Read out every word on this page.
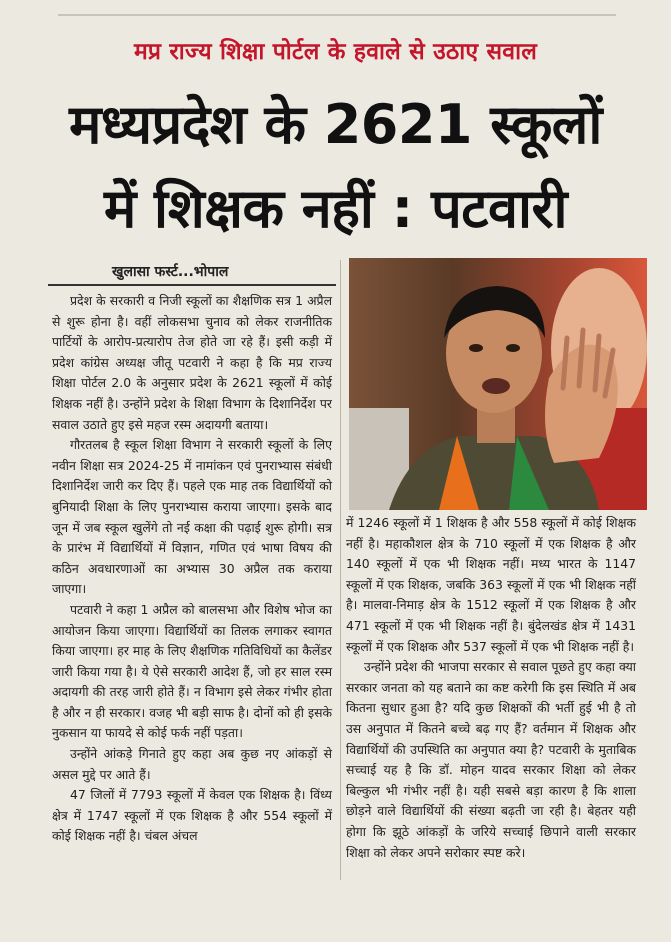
मप्र राज्य शिक्षा पोर्टल के हवाले से उठाए सवाल
मध्यप्रदेश के 2621 स्कूलों
में शिक्षक नहीं : पटवारी
खुलासा फर्स्ट...भोपाल

प्रदेश के सरकारी व निजी स्कूलों का शैक्षणिक सत्र 1 अप्रैल से शुरू होना है। वहीं लोकसभा चुनाव को लेकर राजनीतिक पार्टियों के आरोप-प्रत्यारोप तेज होते जा रहे हैं। इसी कड़ी में प्रदेश कांग्रेस अध्यक्ष जीतू पटवारी ने कहा है कि मप्र राज्य शिक्षा पोर्टल 2.0 के अनुसार प्रदेश के 2621 स्कूलों में कोई शिक्षक नहीं है। उन्होंने प्रदेश के शिक्षा विभाग के दिशानिर्देश पर सवाल उठाते हुए इसे महज रस्म अदायगी बताया।

गौरतलब है स्कूल शिक्षा विभाग ने सरकारी स्कूलों के लिए नवीन शिक्षा सत्र 2024-25 में नामांकन एवं पुनराभ्यास संबंधी दिशानिर्देश जारी कर दिए हैं। पहले एक माह तक विद्यार्थियों को बुनियादी शिक्षा के लिए पुनराभ्यास कराया जाएगा। इसके बाद जून में जब स्कूल खुलेंगे तो नई कक्षा की पढ़ाई शुरू होगी। सत्र के प्रारंभ में विद्यार्थियों में विज्ञान, गणित एवं भाषा विषय की कठिन अवधारणाओं का अभ्यास 30 अप्रैल तक कराया जाएगा।

पटवारी ने कहा 1 अप्रैल को बालसभा और विशेष भोज का आयोजन किया जाएगा। विद्यार्थियों का तिलक लगाकर स्वागत किया जाएगा। हर माह के लिए शैक्षणिक गतिविधियों का कैलेंडर जारी किया गया है। ये ऐसे सरकारी आदेश हैं, जो हर साल रस्म अदायगी की तरह जारी होते हैं। न विभाग इसे लेकर गंभीर होता है और न ही सरकार। वजह भी बड़ी साफ है। दोनों को ही इसके नुकसान या फायदे से कोई फर्क नहीं पड़ता।

उन्होंने आंकड़े गिनाते हुए कहा अब कुछ नए आंकड़ों से असल मुद्दे पर आते हैं।

47 जिलों में 7793 स्कूलों में केवल एक शिक्षक है। विंध्य क्षेत्र में 1747 स्कूलों में एक शिक्षक है और 554 स्कूलों में कोई शिक्षक नहीं है। चंबल अंचल

में 1246 स्कूलों में 1 शिक्षक है और 558 स्कूलों में कोई शिक्षक नहीं है। महाकौशल क्षेत्र के 710 स्कूलों में एक शिक्षक है और 140 स्कूलों में एक भी शिक्षक नहीं। मध्य भारत के 1147 स्कूलों में एक शिक्षक, जबकि 363 स्कूलों में एक भी शिक्षक नहीं है। मालवा-निमाड़ क्षेत्र के 1512 स्कूलों में एक शिक्षक है और 471 स्कूलों में एक भी शिक्षक नहीं है। बुंदेलखंड क्षेत्र में 1431 स्कूलों में एक शिक्षक और 537 स्कूलों में एक भी शिक्षक नहीं है।

उन्होंने प्रदेश की भाजपा सरकार से सवाल पूछते हुए कहा क्या सरकार जनता को यह बताने का कष्ट करेगी कि इस स्थिति में अब कितना सुधार हुआ है? यदि कुछ शिक्षकों की भर्ती हुई भी है तो उस अनुपात में कितने बच्चे बढ़ गए हैं? वर्तमान में शिक्षक और विद्यार्थियों की उपस्थिति का अनुपात क्या है? पटवारी के मुताबिक सच्चाई यह है कि डॉ. मोहन यादव सरकार शिक्षा को लेकर बिल्कुल भी गंभीर नहीं है। यही सबसे बड़ा कारण है कि शाला छोड़ने वाले विद्यार्थियों की संख्या बढ़ती जा रही है। बेहतर यही होगा कि झूठे आंकड़ों के जरिये सच्चाई छिपाने वाली सरकार शिक्षा को लेकर अपने सरोकार स्पष्ट करे।
